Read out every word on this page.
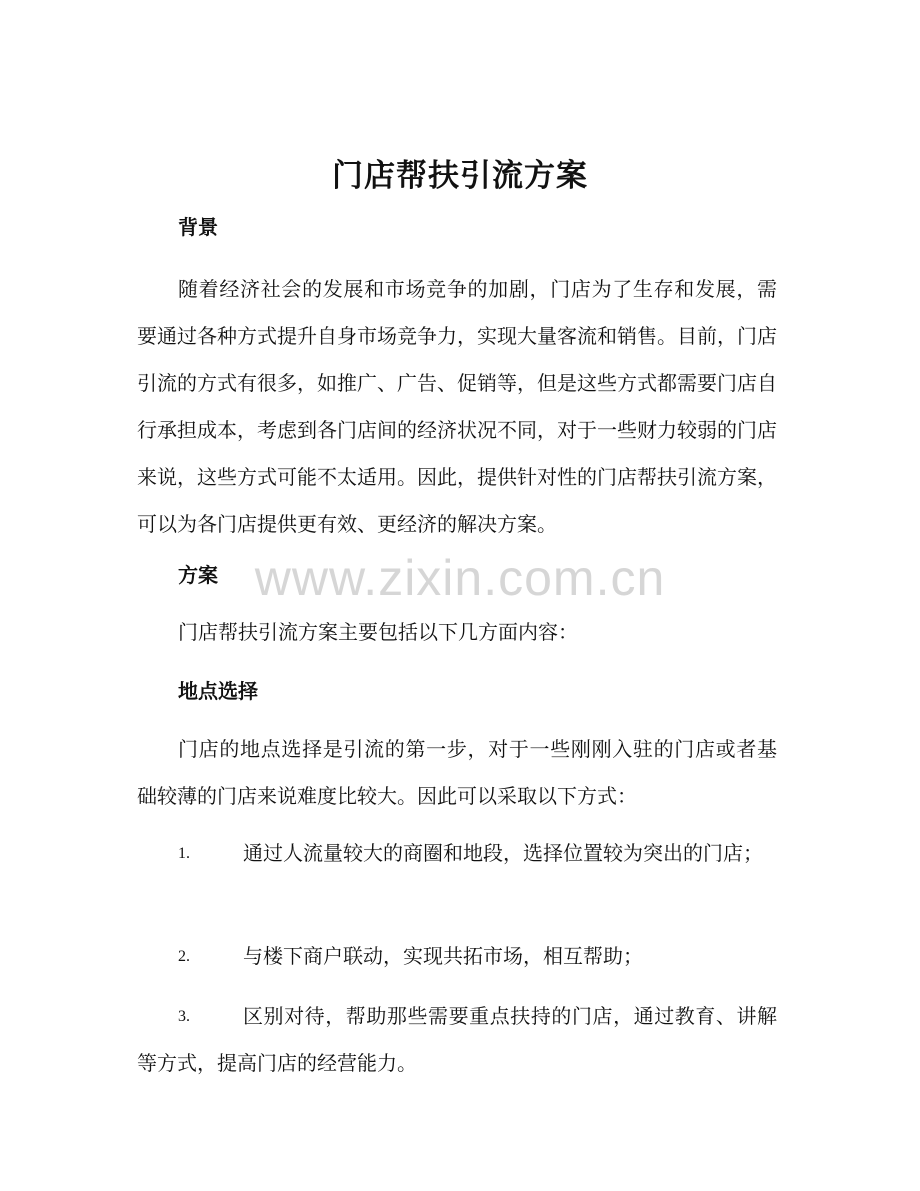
门店帮扶引流方案
背景
随着经济社会的发展和市场竞争的加剧，门店为了生存和发展，需要通过各种方式提升自身市场竞争力，实现大量客流和销售。目前，门店引流的方式有很多，如推广、广告、促销等，但是这些方式都需要门店自行承担成本，考虑到各门店间的经济状况不同，对于一些财力较弱的门店来说，这些方式可能不太适用。因此，提供针对性的门店帮扶引流方案，可以为各门店提供更有效、更经济的解决方案。
方案
门店帮扶引流方案主要包括以下几方面内容：
地点选择
门店的地点选择是引流的第一步，对于一些刚刚入驻的门店或者基础较薄的门店来说难度比较大。因此可以采取以下方式：
1.	通过人流量较大的商圈和地段，选择位置较为突出的门店；
2.	与楼下商户联动，实现共拓市场，相互帮助；
3.	区别对待，帮助那些需要重点扶持的门店，通过教育、讲解等方式，提高门店的经营能力。
www.zixin.com.cn
